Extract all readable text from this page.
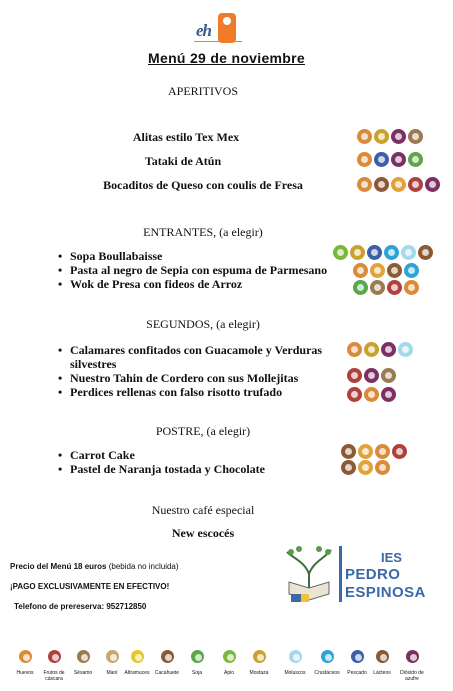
eh
Menú 29 de noviembre
APERITIVOS
Alitas estilo Tex Mex
Tataki de Atún
Bocaditos de Queso con coulis de Fresa
ENTRANTES, (a elegir)
• Sopa Boullabaisse
• Pasta al negro de Sepia con espuma de Parmesano
• Wok de Presa con fideos de Arroz
SEGUNDOS, (a elegir)
• Calamares confitados con Guacamole y Verduras silvestres
• Nuestro Tahin de Cordero con sus Mollejitas
• Perdices rellenas con falso risotto trufado
POSTRE, (a elegir)
• Carrot Cake
• Pastel de Naranja tostada y Chocolate
Nuestro café especial
New escocés
Precio del Menú 18 euros (bebida no incluida)
¡PAGO EXCLUSIVAMENTE EN EFECTIVO!
Telefono de prereserva: 952712850
IES
PEDRO
ESPINOSA
Huevos	Frutos de cáscara
Sésamo	Maní	Altramuces	Cacahuete	Soja	Apio	Mostaza	Moluscos	Crustáceos	Pescado	Lácteos	Dióxido de azufre
